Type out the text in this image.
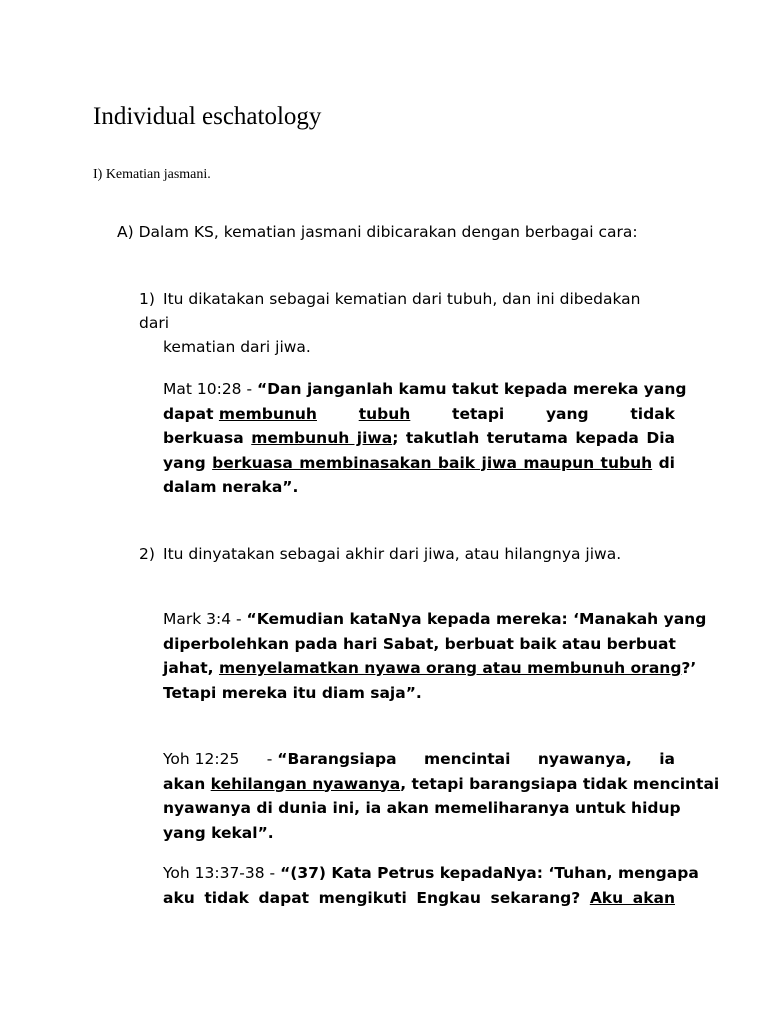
Individual eschatology
I) Kematian jasmani.
A) Dalam KS, kematian jasmani dibicarakan dengan berbagai cara:
1) Itu dikatakan sebagai kematian dari tubuh, dan ini dibedakan dari
kematian dari jiwa.
Mat 10:28 - “Dan janganlah kamu takut kepada mereka yang
dapat membunuh	tubuh	tetapi	yang	tidak
berkuasa membunuh jiwa; takutlah terutama kepada Dia
yang berkuasa membinasakan baik jiwa maupun tubuh di
dalam neraka”.
2) Itu dinyatakan sebagai akhir dari jiwa, atau hilangnya jiwa.
Mark 3:4 - “Kemudian kataNya kepada mereka: ‘Manakah yang
diperbolehkan pada hari Sabat, berbuat baik atau berbuat
jahat, menyelamatkan nyawa orang atau membunuh orang?’
Tetapi mereka itu diam saja”.
Yoh 12:25 - “Barangsiapa mencintai nyawanya, ia
akan kehilangan nyawanya, tetapi barangsiapa tidak mencintai
nyawanya di dunia ini, ia akan memeliharanya untuk hidup
yang kekal”.
Yoh 13:37-38 - “(37) Kata Petrus kepadaNya: ‘Tuhan, mengapa
aku tidak dapat mengikuti Engkau sekarang? Aku akan
